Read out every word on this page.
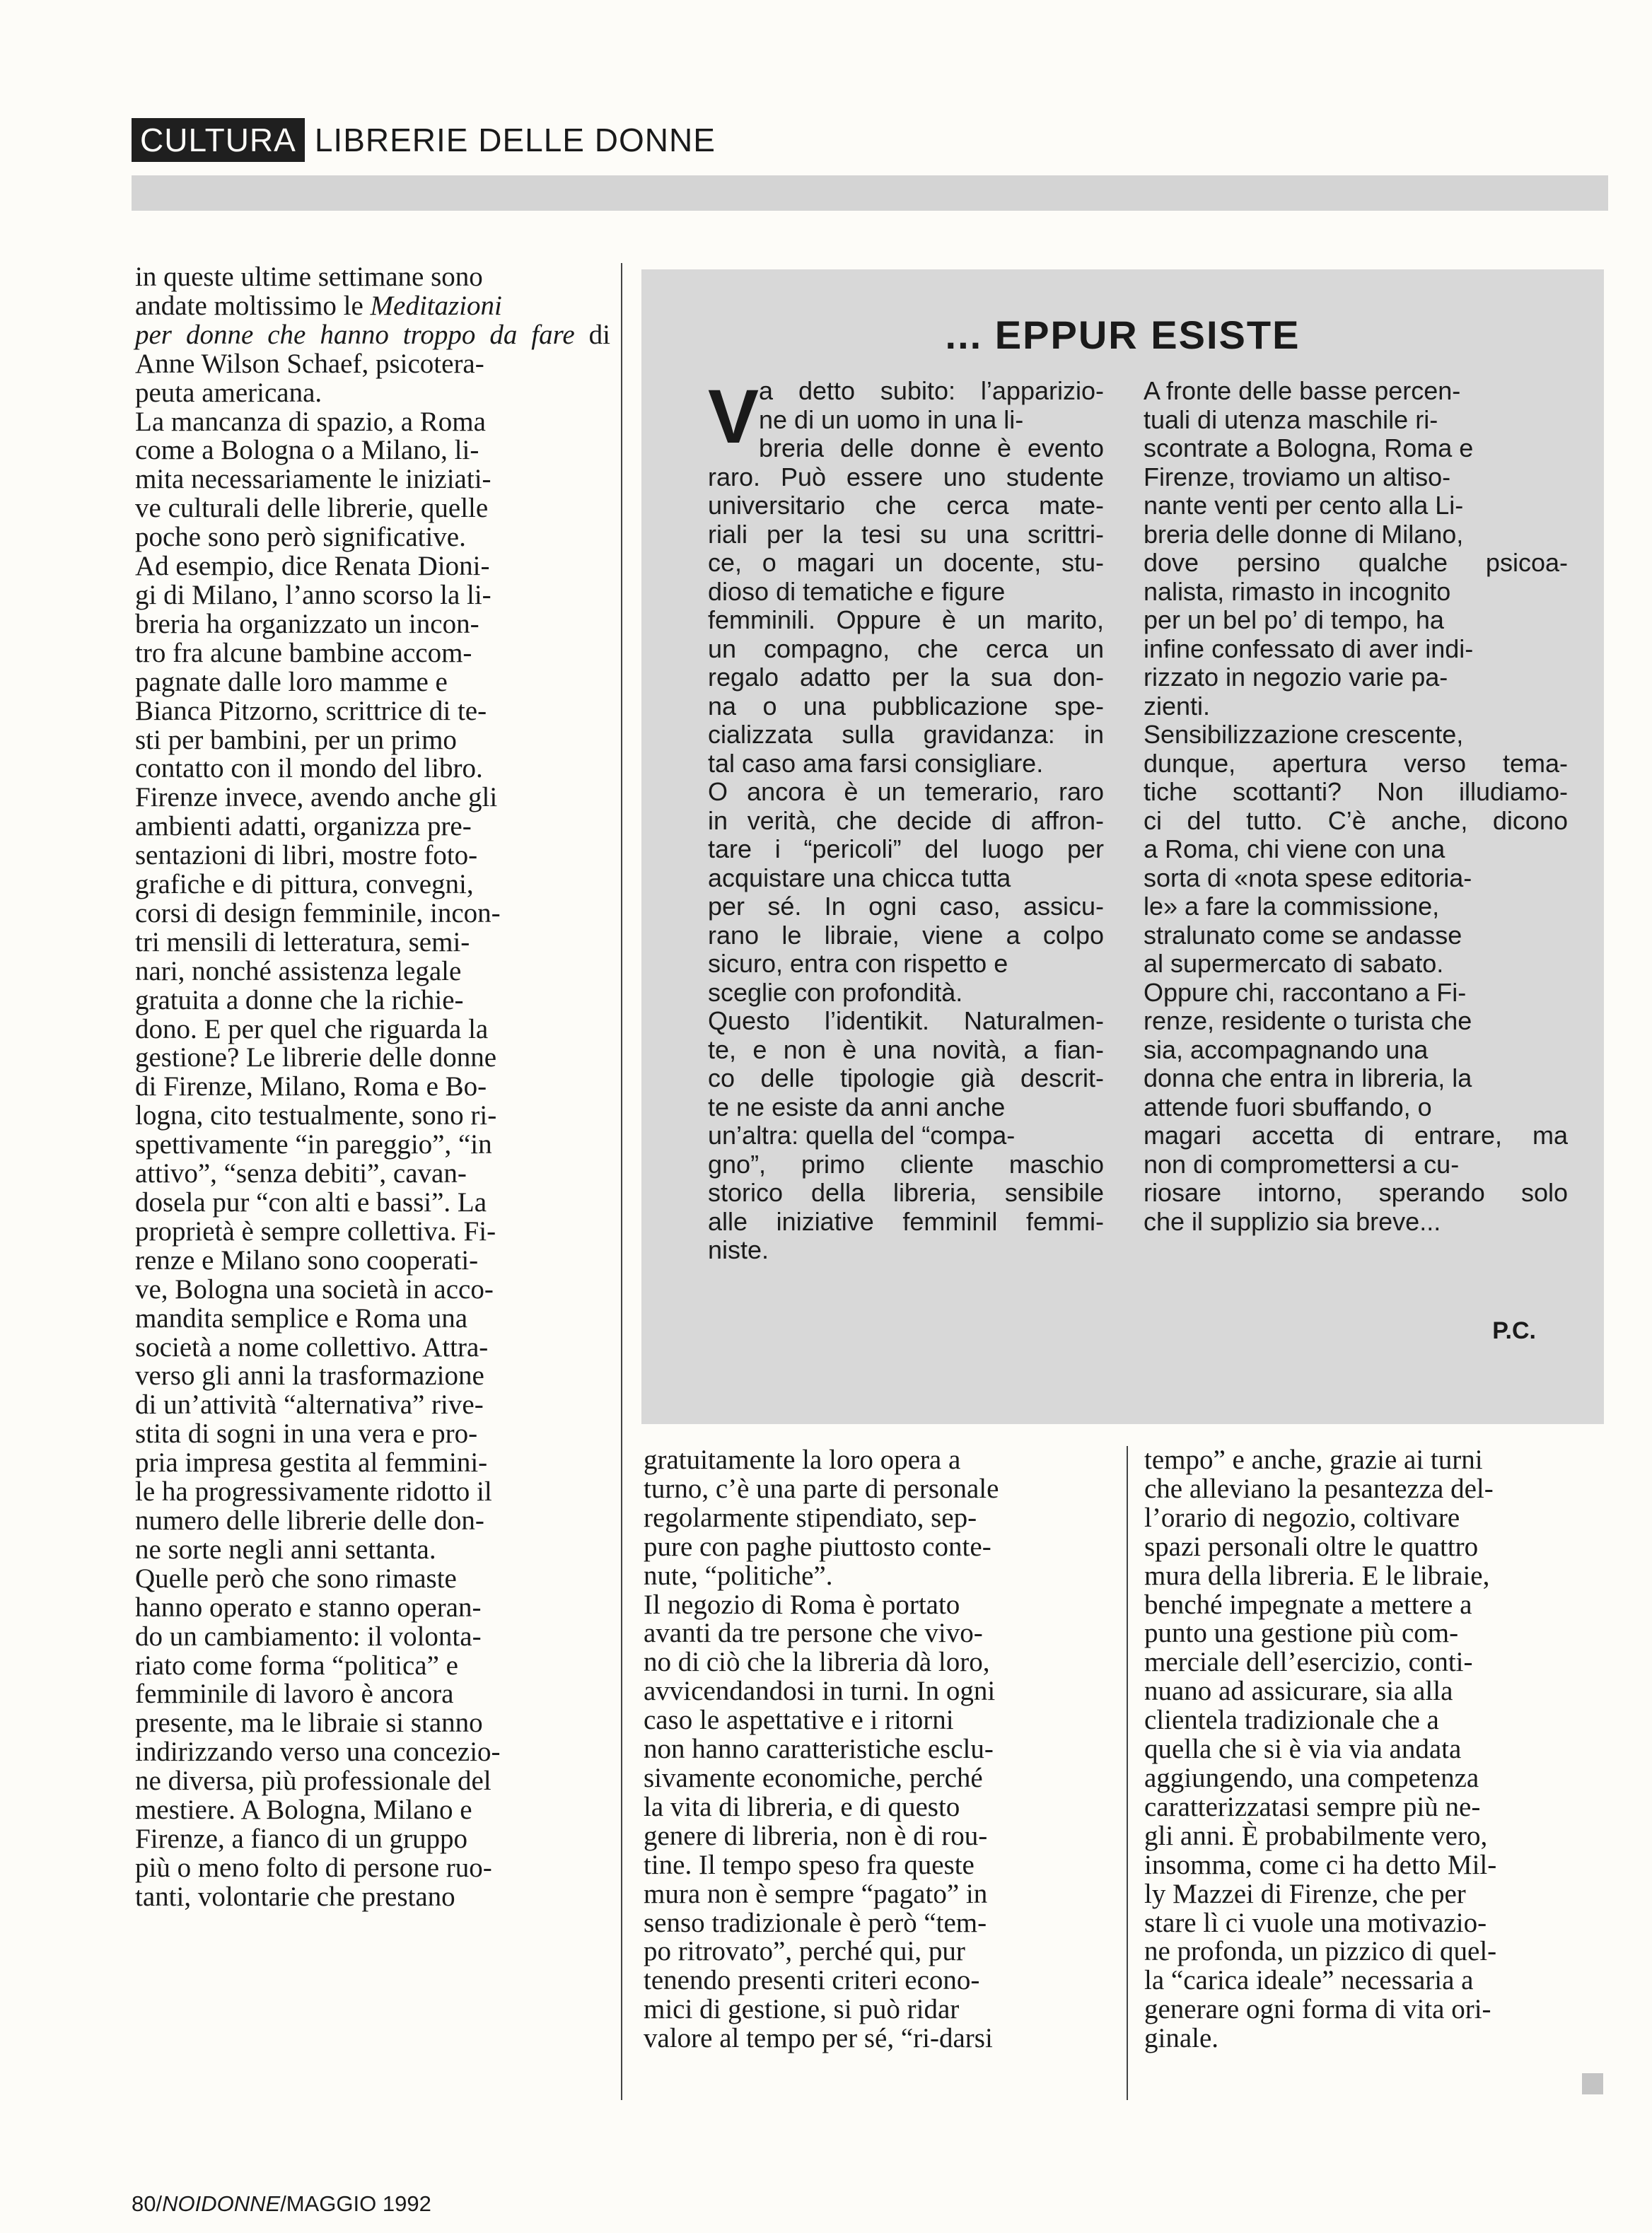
CULTURA LIBRERIE DELLE DONNE

in queste ultime settimane sono

andate moltissimo le Meditazioni

per donne che hanno troppo da fare di

Anne Wilson Schaef, psicotera-

peuta americana.

La mancanza di spazio, a Roma

come a Bologna o a Milano, li-

mita necessariamente le iniziati-

ve culturali delle librerie, quelle

poche sono però significative.

Ad esempio, dice Renata Dioni-

gi di Milano, l’anno scorso la li-

breria ha organizzato un incon-

tro fra alcune bambine accom-

pagnate dalle loro mamme e

Bianca Pitzorno, scrittrice di te-

sti per bambini, per un primo

contatto con il mondo del libro.

Firenze invece, avendo anche gli

ambienti adatti, organizza pre-

sentazioni di libri, mostre foto-

grafiche e di pittura, convegni,

corsi di design femminile, incon-

tri mensili di letteratura, semi-

nari, nonché assistenza legale

gratuita a donne che la richie-

dono. E per quel che riguarda la

gestione? Le librerie delle donne

di Firenze, Milano, Roma e Bo-

logna, cito testualmente, sono ri-

spettivamente “in pareggio”, “in

attivo”, “senza debiti”, cavan-

dosela pur “con alti e bassi”. La

proprietà è sempre collettiva. Fi-

renze e Milano sono cooperati-

ve, Bologna una società in acco-

mandita semplice e Roma una

società a nome collettivo. Attra-

verso gli anni la trasformazione

di un’attività “alternativa” rive-

stita di sogni in una vera e pro-

pria impresa gestita al femmini-

le ha progressivamente ridotto il

numero delle librerie delle don-

ne sorte negli anni settanta.

Quelle però che sono rimaste

hanno operato e stanno operan-

do un cambiamento: il volonta-

riato come forma “politica” e

femminile di lavoro è ancora

presente, ma le libraie si stanno

indirizzando verso una concezio-

ne diversa, più professionale del

mestiere. A Bologna, Milano e

Firenze, a fianco di un gruppo

più o meno folto di persone ruo-

tanti, volontarie che prestano

... EPPUR ESISTE
V a detto subito: l’apparizio-

ne di un uomo in una li-

breria delle donne è evento

raro. Può essere uno studente

universitario che cerca mate-

riali per la tesi su una scrittri-

ce, o magari un docente, stu-

dioso di tematiche e figure

femminili. Oppure è un marito,

un compagno, che cerca un

regalo adatto per la sua don-

na o una pubblicazione spe-

cializzata sulla gravidanza: in

tal caso ama farsi consigliare.

O ancora è un temerario, raro

in verità, che decide di affron-

tare i “pericoli” del luogo per

acquistare una chicca tutta

per sé. In ogni caso, assicu-

rano le libraie, viene a colpo

sicuro, entra con rispetto e

sceglie con profondità.

Questo l’identikit. Naturalmen-

te, e non è una novità, a fian-

co delle tipologie già descrit-

te ne esiste da anni anche

un’altra: quella del “compa-

gno”, primo cliente maschio

storico della libreria, sensibile

alle iniziative femminil femmi-

niste.

A fronte delle basse percen-

tuali di utenza maschile ri-

scontrate a Bologna, Roma e

Firenze, troviamo un altiso-

nante venti per cento alla Li-

breria delle donne di Milano,

dove persino qualche psicoa-

nalista, rimasto in incognito

per un bel po’ di tempo, ha

infine confessato di aver indi-

rizzato in negozio varie pa-

zienti.

Sensibilizzazione crescente,

dunque, apertura verso tema-

tiche scottanti? Non illudiamo-

ci del tutto. C’è anche, dicono

a Roma, chi viene con una

sorta di «nota spese editoria-

le» a fare la commissione,

stralunato come se andasse

al supermercato di sabato.

Oppure chi, raccontano a Fi-

renze, residente o turista che

sia, accompagnando una

donna che entra in libreria, la

attende fuori sbuffando, o

magari accetta di entrare, ma

non di compromettersi a cu-

riosare intorno, sperando solo

che il supplizio sia breve...

P.C.

gratuitamente la loro opera a

turno, c’è una parte di personale

regolarmente stipendiato, sep-

pure con paghe piuttosto conte-

nute, “politiche”.

Il negozio di Roma è portato

avanti da tre persone che vivo-

no di ciò che la libreria dà loro,

avvicendandosi in turni. In ogni

caso le aspettative e i ritorni

non hanno caratteristiche esclu-

sivamente economiche, perché

la vita di libreria, e di questo

genere di libreria, non è di rou-

tine. Il tempo speso fra queste

mura non è sempre “pagato” in

senso tradizionale è però “tem-

po ritrovato”, perché qui, pur

tenendo presenti criteri econo-

mici di gestione, si può ridar

valore al tempo per sé, “ri-darsi

tempo” e anche, grazie ai turni

che alleviano la pesantezza del-

l’orario di negozio, coltivare

spazi personali oltre le quattro

mura della libreria. E le libraie,

benché impegnate a mettere a

punto una gestione più com-

merciale dell’esercizio, conti-

nuano ad assicurare, sia alla

clientela tradizionale che a

quella che si è via via andata

aggiungendo, una competenza

caratterizzatasi sempre più ne-

gli anni. È probabilmente vero,

insomma, come ci ha detto Mil-

ly Mazzei di Firenze, che per

stare lì ci vuole una motivazio-

ne profonda, un pizzico di quel-

la “carica ideale” necessaria a

generare ogni forma di vita ori-

ginale.

80/NOIDONNE/MAGGIO 1992
